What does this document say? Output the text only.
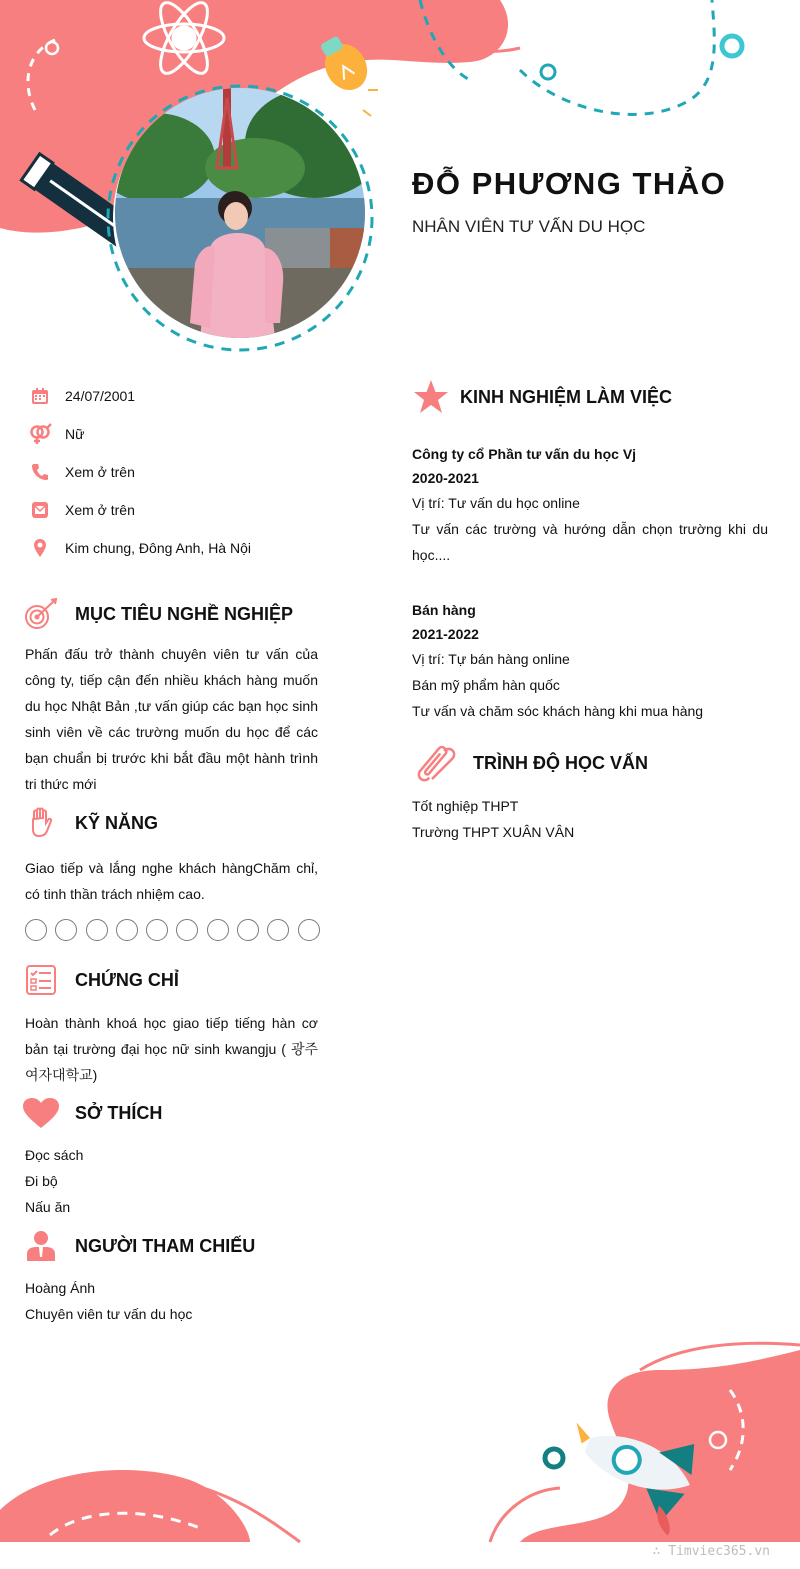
ĐỖ PHƯƠNG THẢO
NHÂN VIÊN TƯ VẤN DU HỌC
24/07/2001
Nữ
Xem ở trên
Xem ở trên
Kim chung, Đông Anh, Hà Nội
MỤC TIÊU NGHỀ NGHIỆP
Phấn đấu trở thành chuyên viên tư vấn của công ty, tiếp cận đến nhiều khách hàng muốn du học Nhật Bản ,tư vấn giúp các bạn học sinh sinh viên về các trường muốn du học để các bạn chuẩn bị trước khi bắt đầu một hành trình tri thức mới
KỸ NĂNG
Giao tiếp và lắng nghe khách hàngChăm chỉ, có tinh thần trách nhiệm cao.
CHỨNG CHỈ
Hoàn thành khoá học giao tiếp tiếng hàn cơ bản tại trường đại học nữ sinh kwangju ( 광주여자대학교)
SỞ THÍCH
Đọc sách
Đi bộ
Nấu ăn
NGƯỜI THAM CHIẾU
Hoàng Ánh
Chuyên viên tư vấn du học
KINH NGHIỆM LÀM VIỆC
Công ty cổ Phần tư vấn du học Vj
2020-2021
Vị trí: Tư vấn du học online
Tư vấn các trường và hướng dẫn chọn trường khi du học....
Bán hàng
2021-2022
Vị trí: Tự bán hàng online
Bán mỹ phẩm hàn quốc
Tư vấn và chăm sóc khách hàng khi mua hàng
TRÌNH ĐỘ HỌC VẤN
Tốt nghiệp THPT
Trường THPT XUÂN VÂN
∴ Timviec365.vn
